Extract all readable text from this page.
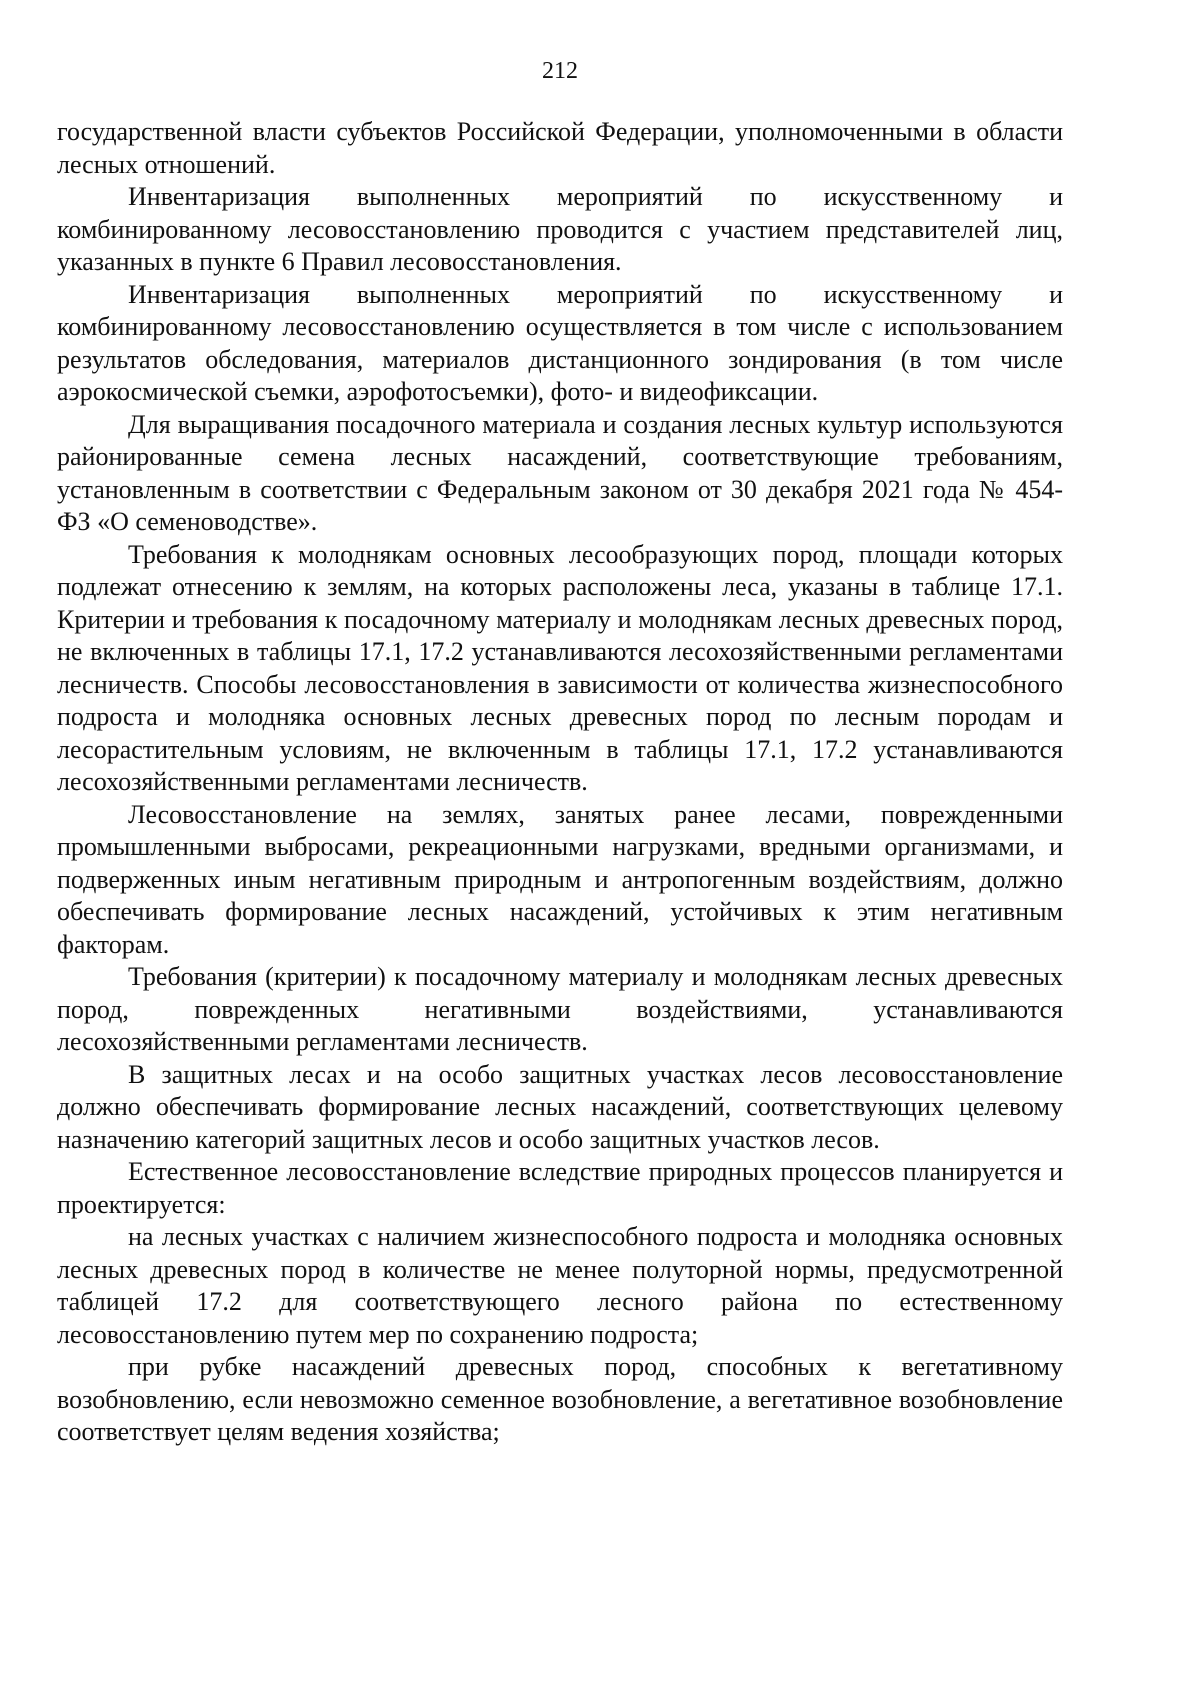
212

государственной власти субъектов Российской Федерации, уполномоченными в области лесных отношений.

Инвентаризация выполненных мероприятий по искусственному и комбинированному лесовосстановлению проводится с участием представителей лиц, указанных в пункте 6 Правил лесовосстановления.

Инвентаризация выполненных мероприятий по искусственному и комбинированному лесовосстановлению осуществляется в том числе с использованием результатов обследования, материалов дистанционного зондирования (в том числе аэрокосмической съемки, аэрофотосъемки), фото- и видеофиксации.

Для выращивания посадочного материала и создания лесных культур используются районированные семена лесных насаждений, соответствующие требованиям, установленным в соответствии с Федеральным законом от 30 декабря 2021 года № 454-ФЗ «О семеноводстве».

Требования к молоднякам основных лесообразующих пород, площади которых подлежат отнесению к землям, на которых расположены леса, указаны в таблице 17.1. Критерии и требования к посадочному материалу и молоднякам лесных древесных пород, не включенных в таблицы 17.1, 17.2 устанавливаются лесохозяйственными регламентами лесничеств. Способы лесовосстановления в зависимости от количества жизнеспособного подроста и молодняка основных лесных древесных пород по лесным породам и лесорастительным условиям, не включенным в таблицы 17.1, 17.2 устанавливаются лесохозяйственными регламентами лесничеств.

Лесовосстановление на землях, занятых ранее лесами, поврежденными промышленными выбросами, рекреационными нагрузками, вредными организмами, и подверженных иным негативным природным и антропогенным воздействиям, должно обеспечивать формирование лесных насаждений, устойчивых к этим негативным факторам.

Требования (критерии) к посадочному материалу и молоднякам лесных древесных пород, поврежденных негативными воздействиями, устанавливаются лесохозяйственными регламентами лесничеств.

В защитных лесах и на особо защитных участках лесов лесовосстановление должно обеспечивать формирование лесных насаждений, соответствующих целевому назначению категорий защитных лесов и особо защитных участков лесов.

Естественное лесовосстановление вследствие природных процессов планируется и проектируется:

на лесных участках с наличием жизнеспособного подроста и молодняка основных лесных древесных пород в количестве не менее полуторной нормы, предусмотренной таблицей 17.2 для соответствующего лесного района по естественному лесовосстановлению путем мер по сохранению подроста;

при рубке насаждений древесных пород, способных к вегетативному возобновлению, если невозможно семенное возобновление, а вегетативное возобновление соответствует целям ведения хозяйства;
